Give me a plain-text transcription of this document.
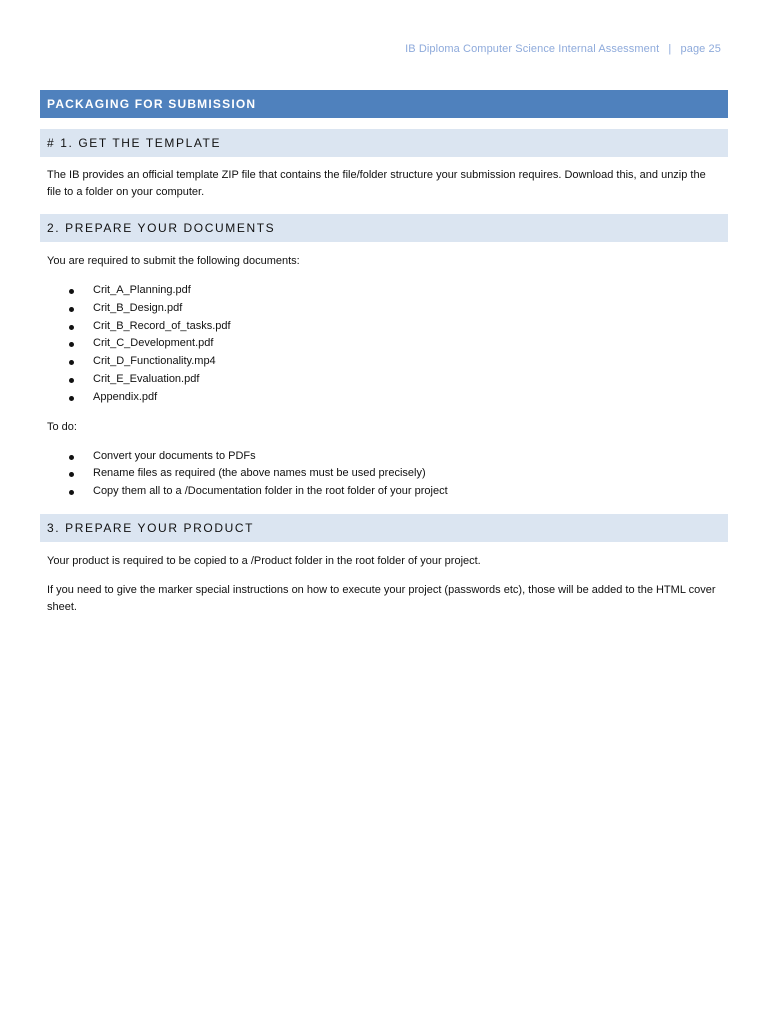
IB Diploma Computer Science Internal Assessment | page 25
PACKAGING FOR SUBMISSION
# 1. GET THE TEMPLATE

The IB provides an official template ZIP file that contains the file/folder structure your submission requires. Download this, and unzip the file to a folder on your computer.

2. PREPARE YOUR DOCUMENTS

You are required to submit the following documents:

Crit_A_Planning.pdf
Crit_B_Design.pdf
Crit_B_Record_of_tasks.pdf
Crit_C_Development.pdf
Crit_D_Functionality.mp4
Crit_E_Evaluation.pdf
Appendix.pdf

To do:

Convert your documents to PDFs
Rename files as required (the above names must be used precisely)
Copy them all to a /Documentation folder in the root folder of your project
3. PREPARE YOUR PRODUCT

Your product is required to be copied to a /Product folder in the root folder of your project.

If you need to give the marker special instructions on how to execute your project (passwords etc), those will be added to the HTML cover sheet.
